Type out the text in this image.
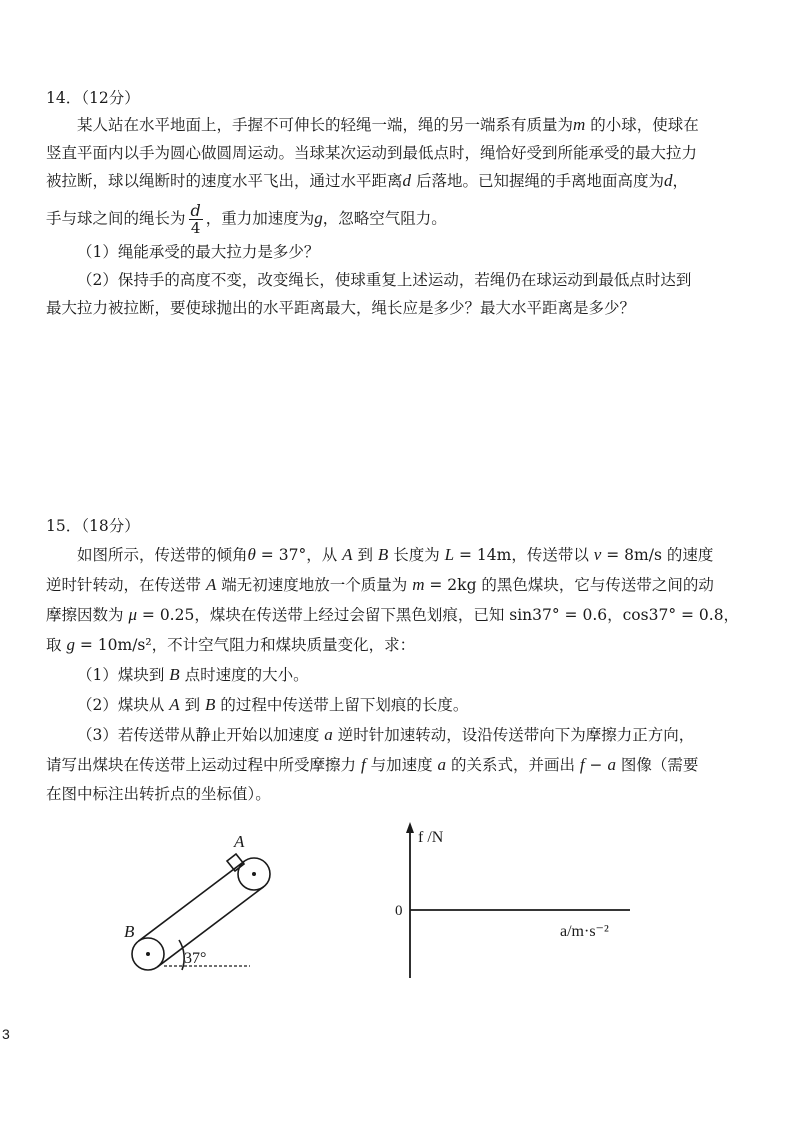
14．（12分）
某人站在水平地面上，手握不可伸长的轻绳一端，绳的另一端系有质量为m 的小球，使球在
竖直平面内以手为圆心做圆周运动。当球某次运动到最低点时，绳恰好受到所能承受的最大拉力
被拉断，球以绳断时的速度水平飞出，通过水平距离d 后落地。已知握绳的手离地面高度为d，
手与球之间的绳长为 $\frac{d}{4}$ ，重力加速度为g，忽略空气阻力。
（1）绳能承受的最大拉力是多少？
（2）保持手的高度不变，改变绳长，使球重复上述运动，若绳仍在球运动到最低点时达到
最大拉力被拉断，要使球抛出的水平距离最大，绳长应是多少？最大水平距离是多少？
15．（18分）
如图所示，传送带的倾角θ = 37°，从 A 到 B 长度为 L = 14m，传送带以 v = 8m/s 的速度
逆时针转动，在传送带 A 端无初速度地放一个质量为 m = 2kg 的黑色煤块，它与传送带之间的动
摩擦因数为 μ = 0.25，煤块在传送带上经过会留下黑色划痕，已知 sin37° = 0.6，cos37° = 0.8，
取 g = 10m/s²，不计空气阻力和煤块质量变化，求：
（1）煤块到 B 点时速度的大小。
（2）煤块从 A 到 B 的过程中传送带上留下划痕的长度。
（3）若传送带从静止开始以加速度 a 逆时针加速转动，设沿传送带向下为摩擦力正方向，
请写出煤块在传送带上运动过程中所受摩擦力 f 与加速度 a 的关系式，并画出 f − a 图像（需要
在图中标注出转折点的坐标值）。
A
B
37°
f /N
0
a/m·s⁻²
3
